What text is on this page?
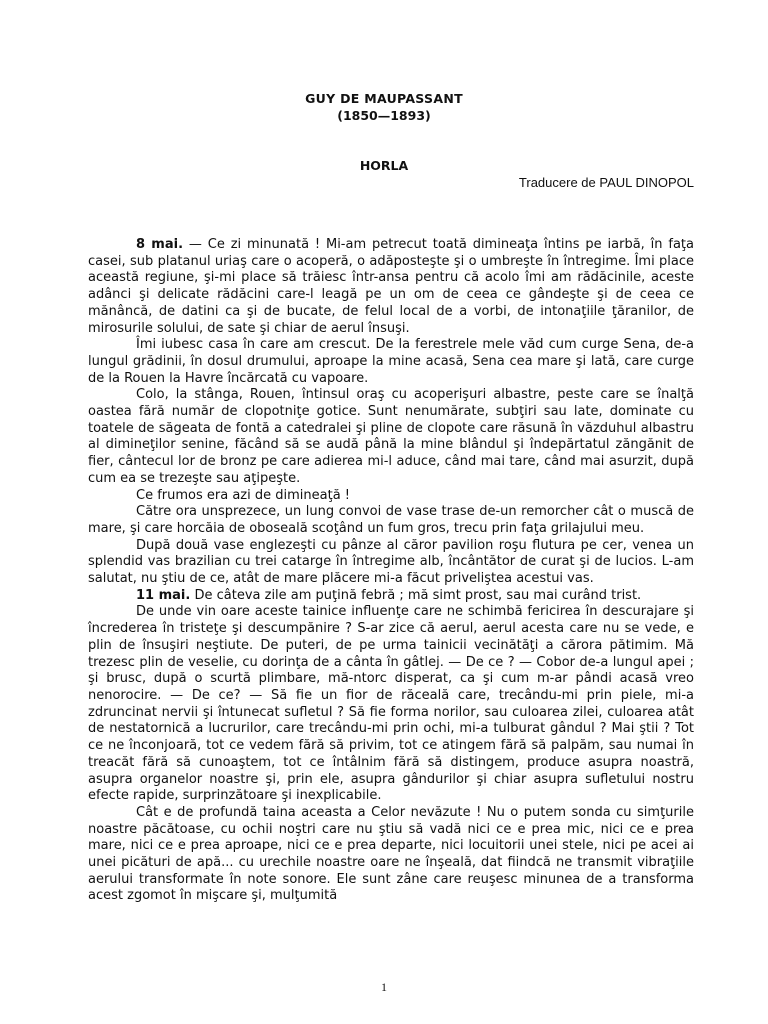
GUY DE MAUPASSANT
(1850—1893)
HORLA
Traducere de PAUL DINOPOL

8 mai. — Ce zi minunată ! Mi-am petrecut toată dimineaţa întins pe iarbă, în faţa casei, sub platanul uriaş care o acoperă, o adăposteşte şi o umbreşte în întregime. Îmi place această regiune, şi-mi place să trăiesc într-ansa pentru că acolo îmi am rădăcinile, aceste adânci şi delicate rădăcini care-l leagă pe un om de ceea ce gândeşte şi de ceea ce mănâncă, de datini ca şi de bucate, de felul local de a vorbi, de intonaţiile ţăranilor, de mirosurile solului, de sate şi chiar de aerul însuşi.

Îmi iubesc casa în care am crescut. De la ferestrele mele văd cum curge Sena, de-a lungul grădinii, în dosul drumului, aproape la mine acasă, Sena cea mare şi lată, care curge de la Rouen la Havre încărcată cu vapoare.

Colo, la stânga, Rouen, întinsul oraş cu acoperişuri albastre, peste care se înalţă oastea fără număr de clopotniţe gotice. Sunt nenumărate, subţiri sau late, dominate cu toatele de săgeata de fontă a catedralei şi pline de clopote care răsună în văzduhul albastru al dimineţilor senine, făcând să se audă până la mine blândul şi îndepărtatul zăngănit de fier, cântecul lor de bronz pe care adierea mi-l aduce, când mai tare, când mai asurzit, după cum ea se trezeşte sau aţipeşte.

Ce frumos era azi de dimineaţă !

Către ora unsprezece, un lung convoi de vase trase de-un remorcher cât o muscă de mare, şi care horcăia de oboseală scoţând un fum gros, trecu prin faţa grilajului meu.

După două vase englezeşti cu pânze al căror pavilion roşu flutura pe cer, venea un splendid vas brazilian cu trei catarge în întregime alb, încântător de curat şi de lucios. L-am salutat, nu ştiu de ce, atât de mare plăcere mi-a făcut priveliştea acestui vas.

11 mai. De câteva zile am puţină febră ; mă simt prost, sau mai curând trist.

De unde vin oare aceste tainice influenţe care ne schimbă fericirea în descurajare şi încrederea în tristeţe şi descumpănire ? S-ar zice că aerul, aerul acesta care nu se vede, e plin de însuşiri neştiute. De puteri, de pe urma tainicii vecinătăţi a cărora pătimim. Mă trezesc plin de veselie, cu dorinţa de a cânta în gâtlej. — De ce ? — Cobor de-a lungul apei ; şi brusc, după o scurtă plimbare, mă-ntorc disperat, ca şi cum m-ar pândi acasă vreo nenorocire. — De ce? — Să fie un fior de răceală care, trecându-mi prin piele, mi-a zdruncinat nervii şi întunecat sufletul ? Să fie forma norilor, sau culoarea zilei, culoarea atât de nestatornică a lucrurilor, care trecându-mi prin ochi, mi-a tulburat gândul ? Mai ştii ? Tot ce ne înconjoară, tot ce vedem fără să privim, tot ce atingem fără să palpăm, sau numai în treacăt fără să cunoaştem, tot ce întâlnim fără să distingem, produce asupra noastră, asupra organelor noastre şi, prin ele, asupra gândurilor şi chiar asupra sufletului nostru efecte rapide, surprinzătoare şi inexplicabile.

Cât e de profundă taina aceasta a Celor nevăzute ! Nu o putem sonda cu simţurile noastre păcătoase, cu ochii noştri care nu ştiu să vadă nici ce e prea mic, nici ce e prea mare, nici ce e prea aproape, nici ce e prea departe, nici locuitorii unei stele, nici pe acei ai unei picături de apă... cu urechile noastre oare ne înşeală, dat fiindcă ne transmit vibraţiile aerului transformate în note sonore. Ele sunt zâne care reuşesc minunea de a transforma acest zgomot în mişcare şi, mulţumită

1
